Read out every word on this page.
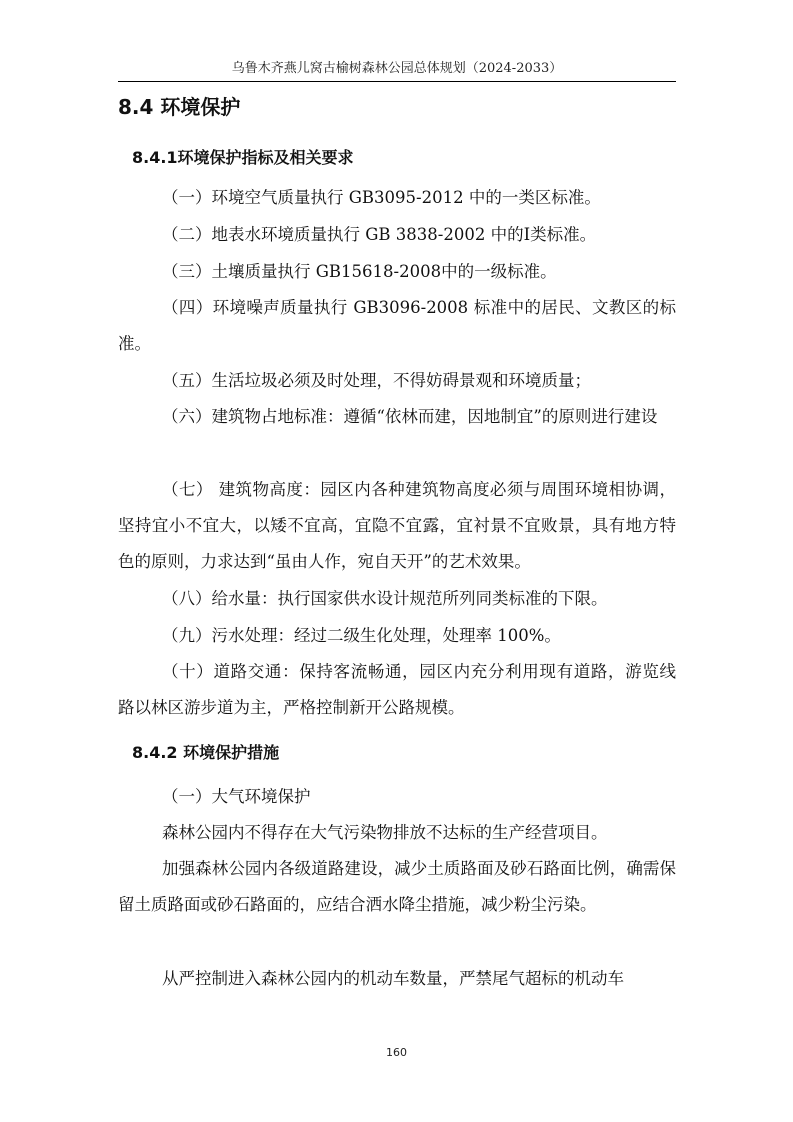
乌鲁木齐燕儿窝古榆树森林公园总体规划（2024-2033）
8.4 环境保护
8.4.1环境保护指标及相关要求

（一）环境空气质量执行 GB3095-2012 中的一类区标准。

（二）地表水环境质量执行 GB 3838-2002 中的Ⅰ类标准。

（三）土壤质量执行 GB15618-2008中的一级标准。

（四）环境噪声质量执行 GB3096-2008 标准中的居民、文教区的标准。

（五）生活垃圾必须及时处理，不得妨碍景观和环境质量；

（六）建筑物占地标准：遵循“依林而建，因地制宜”的原则进行建设

（七） 建筑物高度：园区内各种建筑物高度必须与周围环境相协调，坚持宜小不宜大，以矮不宜高，宜隐不宜露，宜衬景不宜败景，具有地方特色的原则，力求达到“虽由人作，宛自天开”的艺术效果。

（八）给水量：执行国家供水设计规范所列同类标准的下限。

（九）污水处理：经过二级生化处理，处理率 100%。

（十）道路交通：保持客流畅通，园区内充分利用现有道路，游览线 路以林区游步道为主，严格控制新开公路规模。

8.4.2 环境保护措施

（一）大气环境保护

森林公园内不得存在大气污染物排放不达标的生产经营项目。

加强森林公园内各级道路建设，减少土质路面及砂石路面比例，确需保留土质路面或砂石路面的，应结合洒水降尘措施，减少粉尘污染。

从严控制进入森林公园内的机动车数量，严禁尾气超标的机动车

160
